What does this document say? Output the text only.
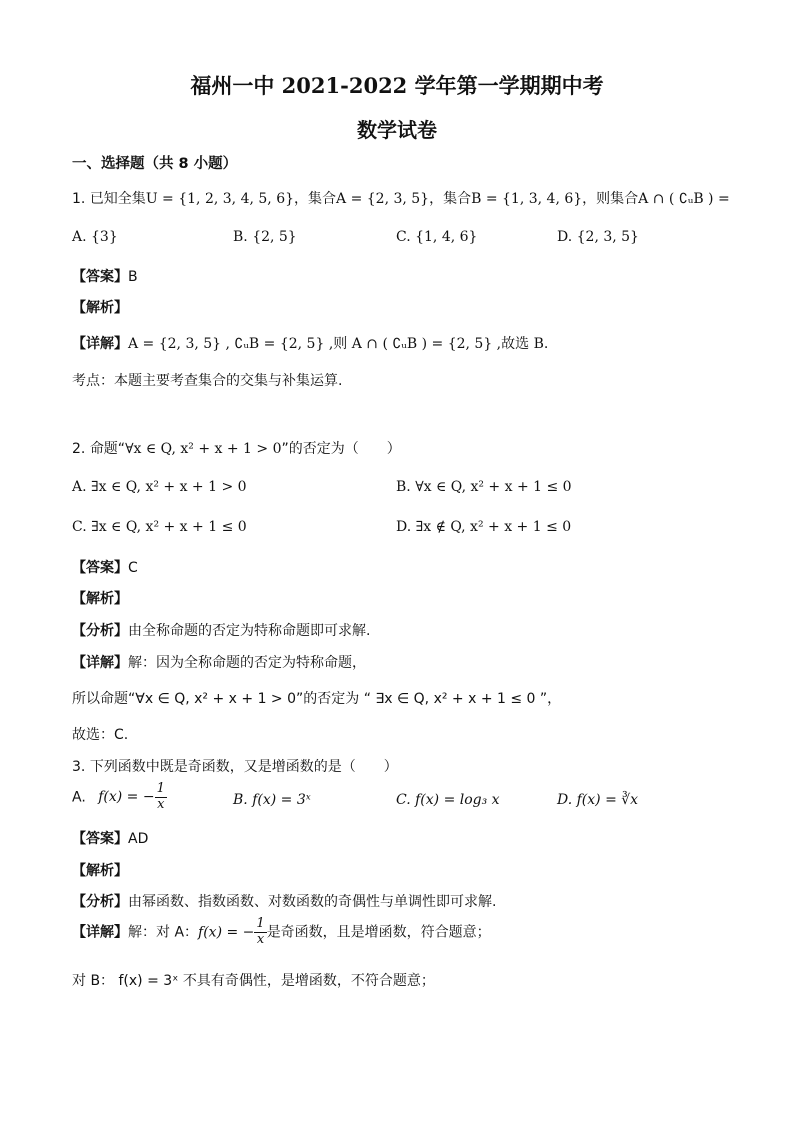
福州一中 2021-2022 学年第一学期期中考
数学试卷
一、选择题（共 8 小题）
1. 已知全集U = {1, 2, 3, 4, 5, 6}，集合A = {2, 3, 5}，集合B = {1, 3, 4, 6}，则集合A ∩ ( ∁ᵤB ) =
A. {3}	B. {2, 5}	C. {1, 4, 6}	D. {2, 3, 5}
【答案】B
【解析】
【详解】A = {2, 3, 5} , ∁ᵤB = {2, 5} ,则 A ∩ ( ∁ᵤB ) = {2, 5} ,故选 B.
考点：本题主要考查集合的交集与补集运算.
2. 命题“∀x ∈ Q, x² + x + 1 > 0”的否定为（　　）
A. ∃x ∈ Q, x² + x + 1 > 0	B. ∀x ∈ Q, x² + x + 1 ≤ 0
C. ∃x ∈ Q, x² + x + 1 ≤ 0	D. ∃x ∉ Q, x² + x + 1 ≤ 0
【答案】C
【解析】
【分析】由全称命题的否定为特称命题即可求解.
【详解】解：因为全称命题的否定为特称命题，
所以命题“∀x ∈ Q, x² + x + 1 > 0”的否定为 “ ∃x ∈ Q, x² + x + 1 ≤ 0 ”，
故选：C.
3. 下列函数中既是奇函数，又是增函数的是（　　）
A. f(x) = − $\frac{1}{x}$	B. f(x) = 3ˣ	C. f(x) = log₃ x	D. f(x) = ∛x
【答案】AD
【解析】
【分析】由幂函数、指数函数、对数函数的奇偶性与单调性即可求解.
【详解】解：对 A：f(x) = − $\frac{1}{x}$ 是奇函数，且是增函数，符合题意；
对 B： f(x) = 3ˣ 不具有奇偶性，是增函数，不符合题意；
